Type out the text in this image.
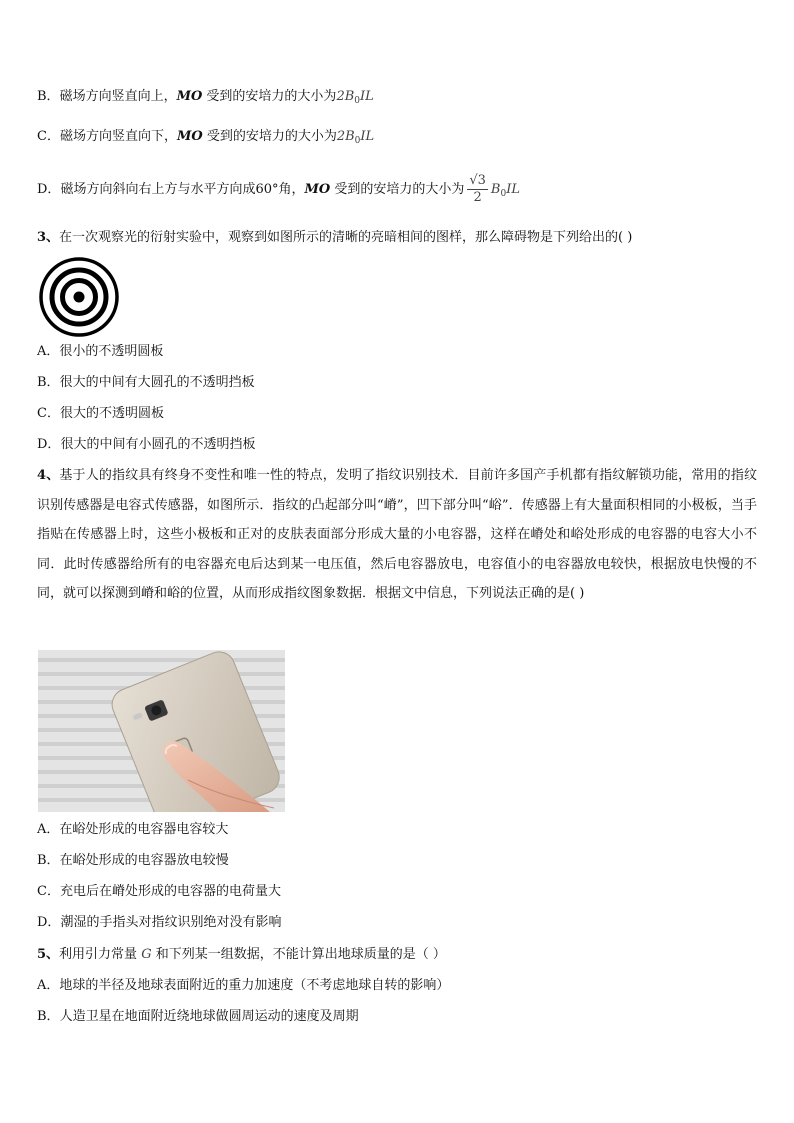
B．磁场方向竖直向上，MO 受到的安培力的大小为$2B_0IL$
C．磁场方向竖直向下，MO 受到的安培力的大小为$2B_0IL$
D．磁场方向斜向右上方与水平方向成60°角，MO 受到的安培力的大小为 $\frac{√3}{2} B_0IL$
3、在一次观察光的衍射实验中，观察到如图所示的清晰的亮暗相间的图样，那么障碍物是下列给出的( )
A．很小的不透明圆板
B．很大的中间有大圆孔的不透明挡板
C．很大的不透明圆板
D．很大的中间有小圆孔的不透明挡板
4、基于人的指纹具有终身不变性和唯一性的特点，发明了指纹识别技术．目前许多国产手机都有指纹解锁功能，常用的指纹识别传感器是电容式传感器，如图所示．指纹的凸起部分叫“嵴”，凹下部分叫“峪”．传感器上有大量面积相同的小极板，当手指贴在传感器上时，这些小极板和正对的皮肤表面部分形成大量的小电容器，这样在嵴处和峪处形成的电容器的电容大小不同．此时传感器给所有的电容器充电后达到某一电压值，然后电容器放电，电容值小的电容器放电较快，根据放电快慢的不同，就可以探测到嵴和峪的位置，从而形成指纹图象数据．根据文中信息，下列说法正确的是( )
A．在峪处形成的电容器电容较大
B．在峪处形成的电容器放电较慢
C．充电后在嵴处形成的电容器的电荷量大
D．潮湿的手指头对指纹识别绝对没有影响
5、利用引力常量 G 和下列某一组数据，不能计算出地球质量的是（ ）
A．地球的半径及地球表面附近的重力加速度（不考虑地球自转的影响）
B．人造卫星在地面附近绕地球做圆周运动的速度及周期
